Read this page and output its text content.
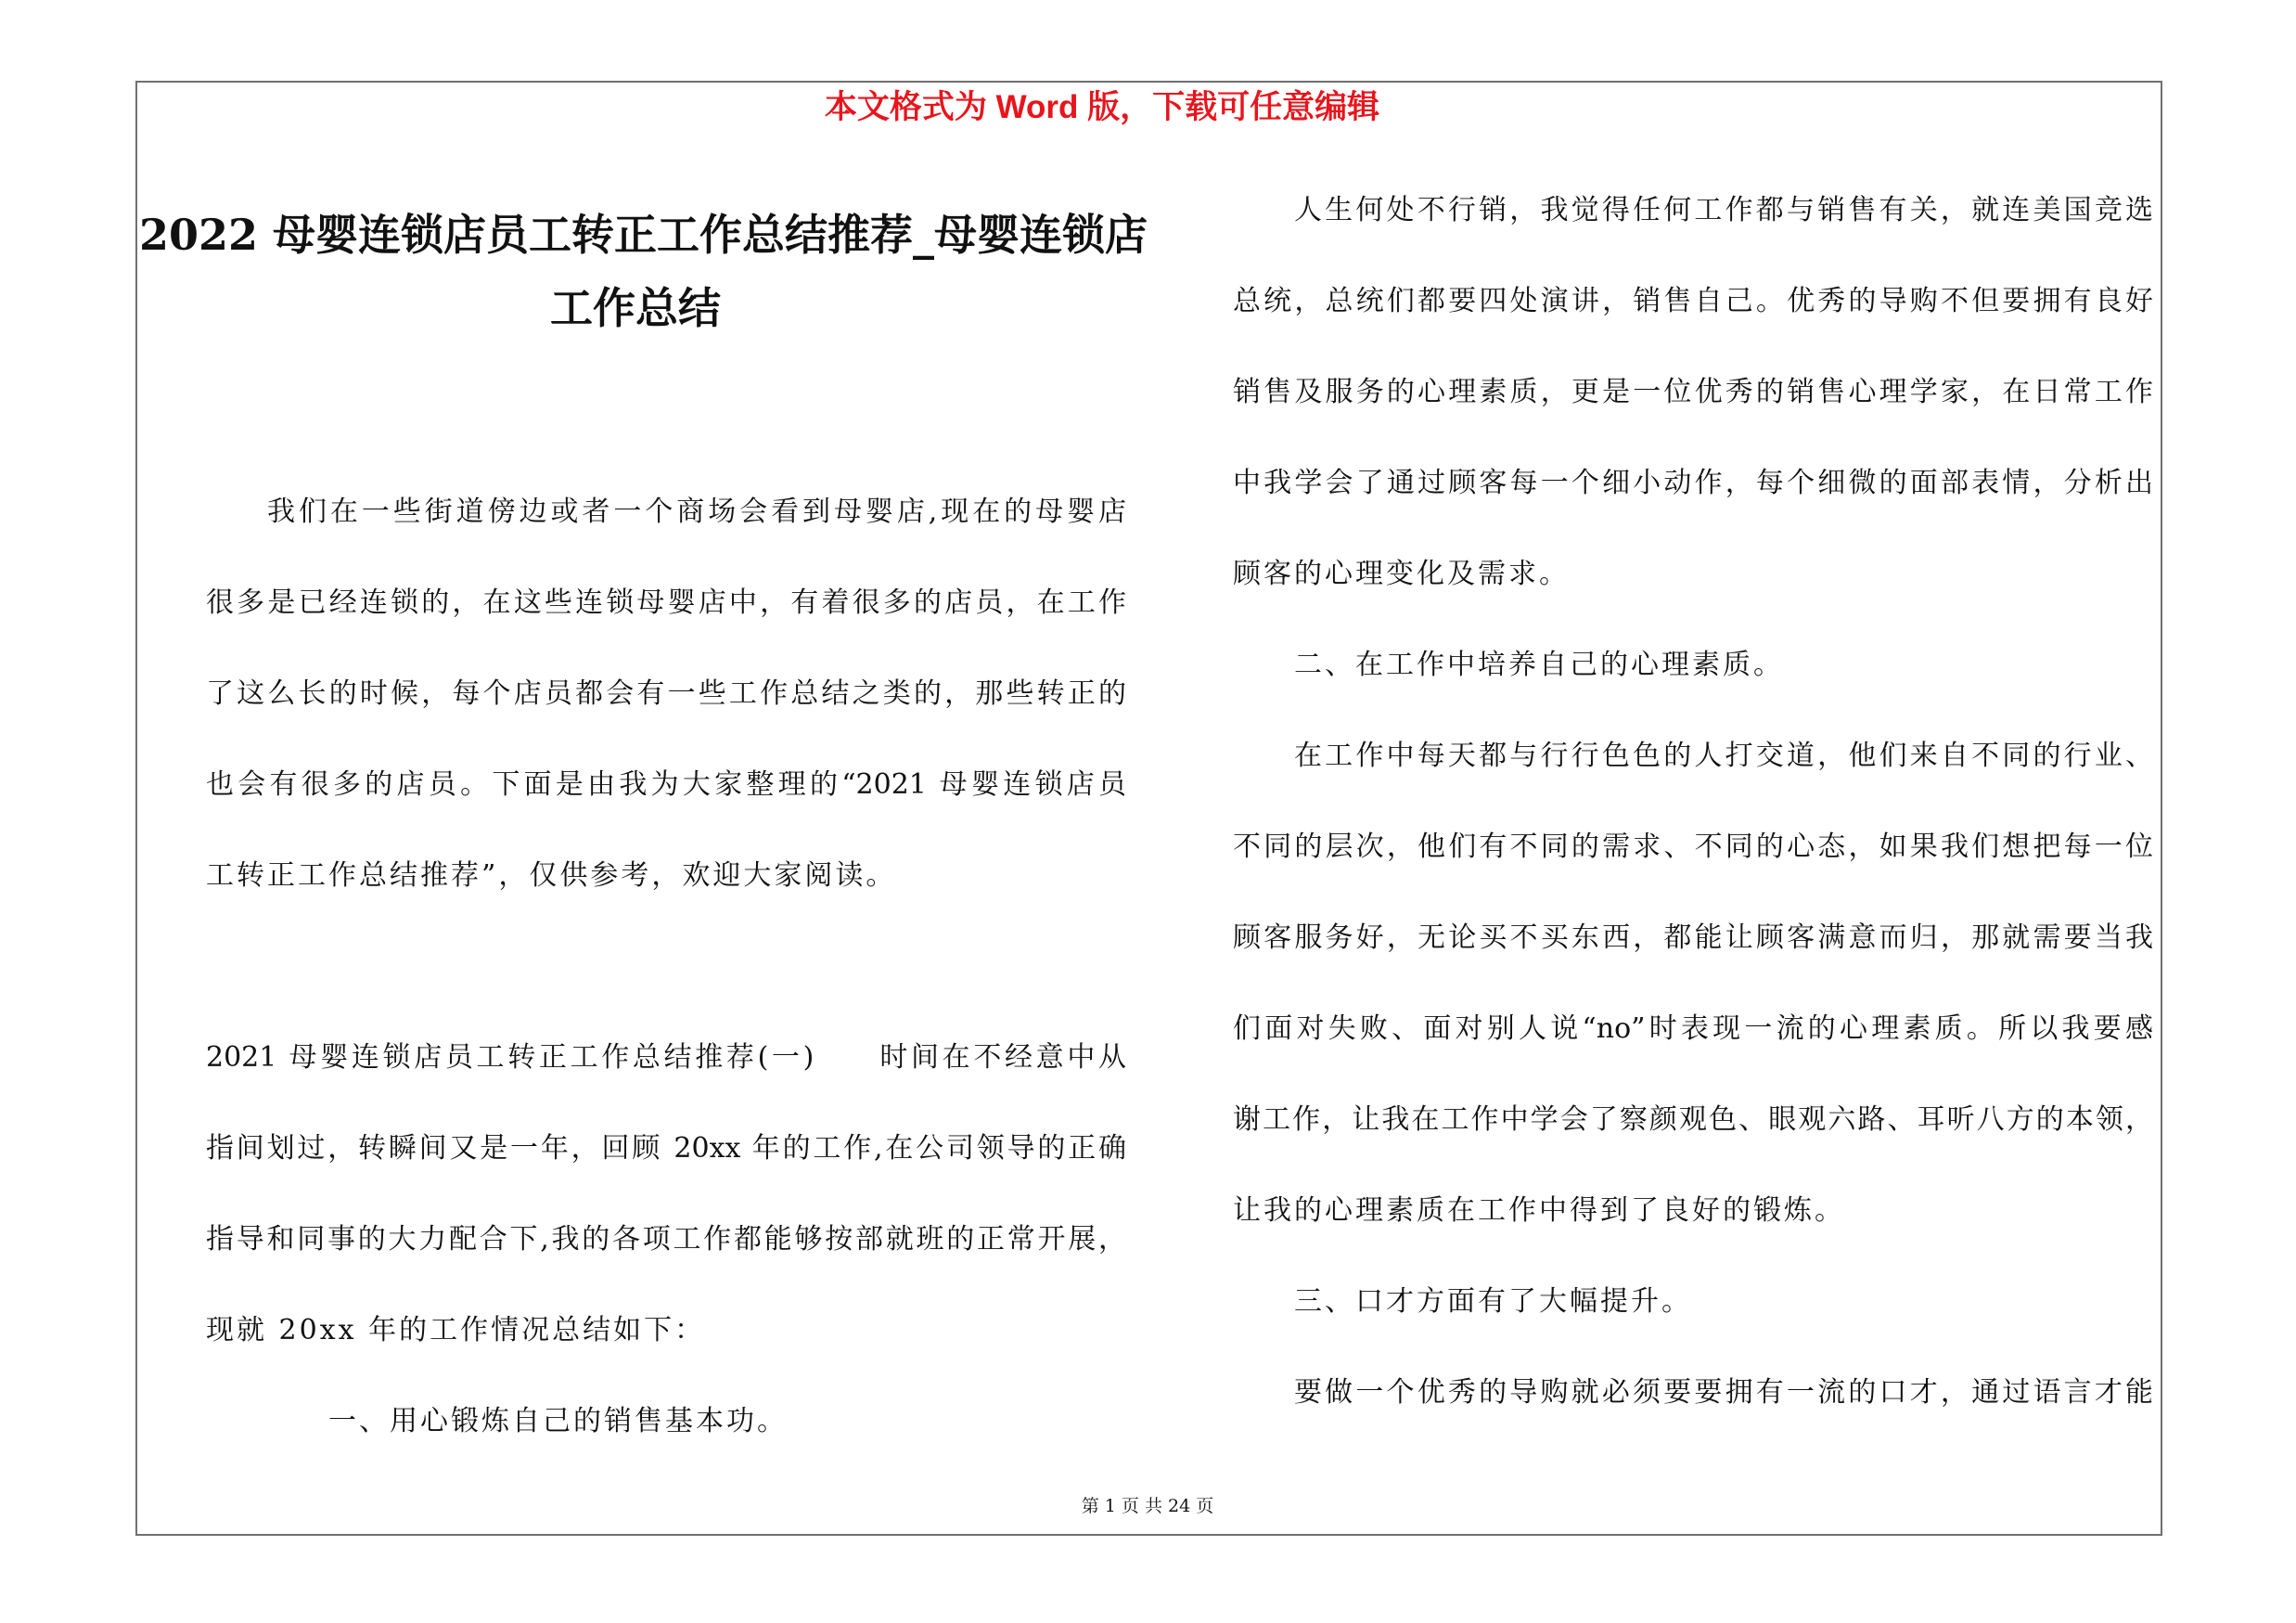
本文格式为 Word 版，下载可任意编辑
2022 母婴连锁店员工转正工作总结推荐_母婴连锁店
工作总结
我们在一些街道傍边或者一个商场会看到母婴店,现在的母婴店
很多是已经连锁的，在这些连锁母婴店中，有着很多的店员，在工作
了这么长的时候，每个店员都会有一些工作总结之类的，那些转正的
也会有很多的店员。下面是由我为大家整理的“2021 母婴连锁店员
工转正工作总结推荐”，仅供参考，欢迎大家阅读。
2021 母婴连锁店员工转正工作总结推荐(一)　　时间在不经意中从
指间划过，转瞬间又是一年，回顾 20xx 年的工作,在公司领导的正确
指导和同事的大力配合下,我的各项工作都能够按部就班的正常开展，
现就 20xx 年的工作情况总结如下：
一、用心锻炼自己的销售基本功。
人生何处不行销，我觉得任何工作都与销售有关，就连美国竞选
总统，总统们都要四处演讲，销售自己。优秀的导购不但要拥有良好
销售及服务的心理素质，更是一位优秀的销售心理学家，在日常工作
中我学会了通过顾客每一个细小动作，每个细微的面部表情，分析出
顾客的心理变化及需求。
二、在工作中培养自己的心理素质。
在工作中每天都与行行色色的人打交道，他们来自不同的行业、
不同的层次，他们有不同的需求、不同的心态，如果我们想把每一位
顾客服务好，无论买不买东西，都能让顾客满意而归，那就需要当我
们面对失败、面对别人说“no”时表现一流的心理素质。所以我要感
谢工作，让我在工作中学会了察颜观色、眼观六路、耳听八方的本领，
让我的心理素质在工作中得到了良好的锻炼。
三、口才方面有了大幅提升。
要做一个优秀的导购就必须要要拥有一流的口才，通过语言才能
第 1 页 共 24 页
